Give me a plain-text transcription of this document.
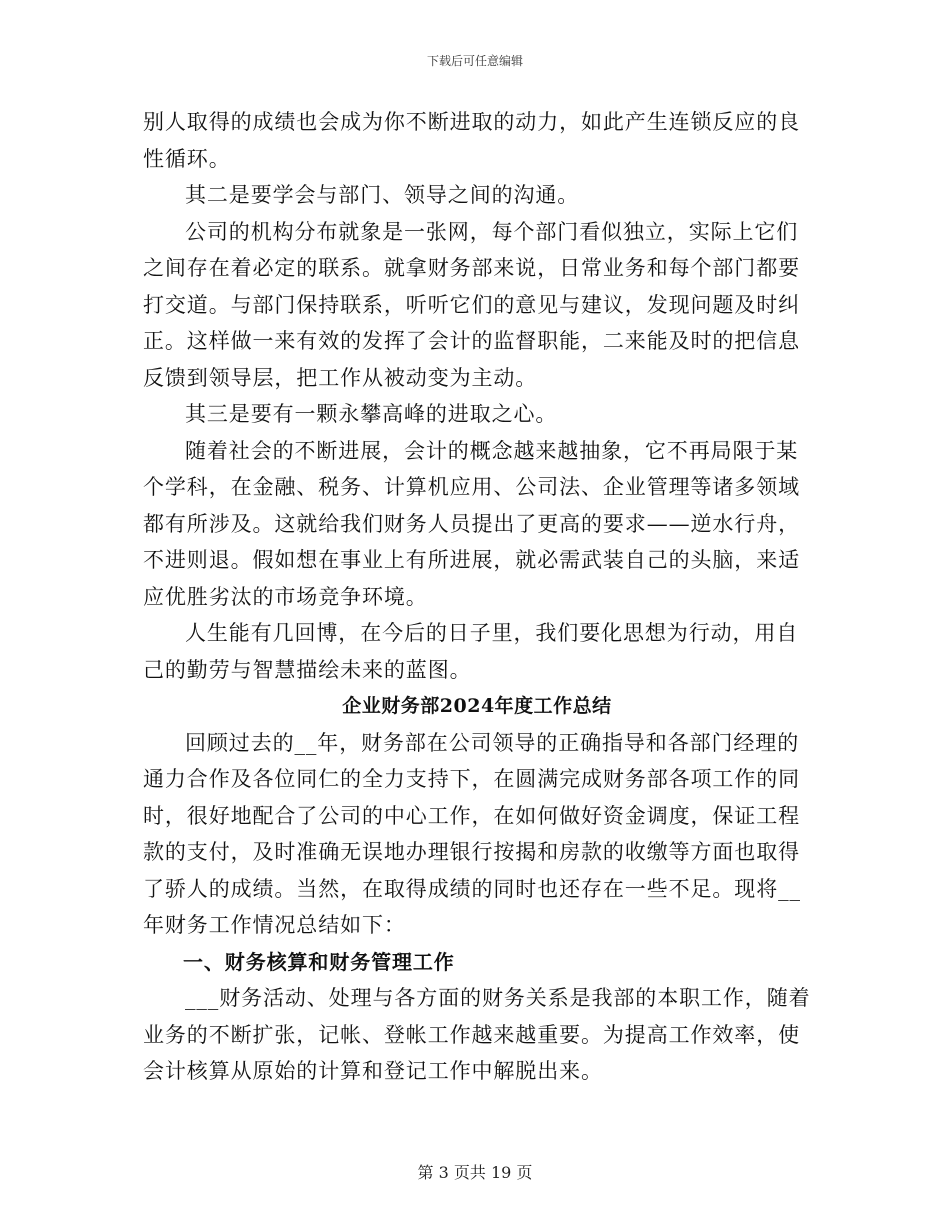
下载后可任意编辑

别人取得的成绩也会成为你不断进取的动力，如此产生连锁反应的良性循环。

其二是要学会与部门、领导之间的沟通。

公司的机构分布就象是一张网，每个部门看似独立，实际上它们之间存在着必定的联系。就拿财务部来说，日常业务和每个部门都要打交道。与部门保持联系，听听它们的意见与建议，发现问题及时纠正。这样做一来有效的发挥了会计的监督职能，二来能及时的把信息反馈到领导层，把工作从被动变为主动。

其三是要有一颗永攀高峰的进取之心。

随着社会的不断进展，会计的概念越来越抽象，它不再局限于某个学科，在金融、税务、计算机应用、公司法、企业管理等诸多领域都有所涉及。这就给我们财务人员提出了更高的要求——逆水行舟，不进则退。假如想在事业上有所进展，就必需武装自己的头脑，来适应优胜劣汰的市场竞争环境。

人生能有几回博，在今后的日子里，我们要化思想为行动，用自己的勤劳与智慧描绘未来的蓝图。

企业财务部2024年度工作总结

回顾过去的__年，财务部在公司领导的正确指导和各部门经理的通力合作及各位同仁的全力支持下，在圆满完成财务部各项工作的同时，很好地配合了公司的中心工作，在如何做好资金调度，保证工程款的支付，及时准确无误地办理银行按揭和房款的收缴等方面也取得了骄人的成绩。当然，在取得成绩的同时也还存在一些不足。现将__年财务工作情况总结如下：

一、财务核算和财务管理工作

___财务活动、处理与各方面的财务关系是我部的本职工作，随着业务的不断扩张，记帐、登帐工作越来越重要。为提高工作效率，使会计核算从原始的计算和登记工作中解脱出来。

第 3 页共 19 页
